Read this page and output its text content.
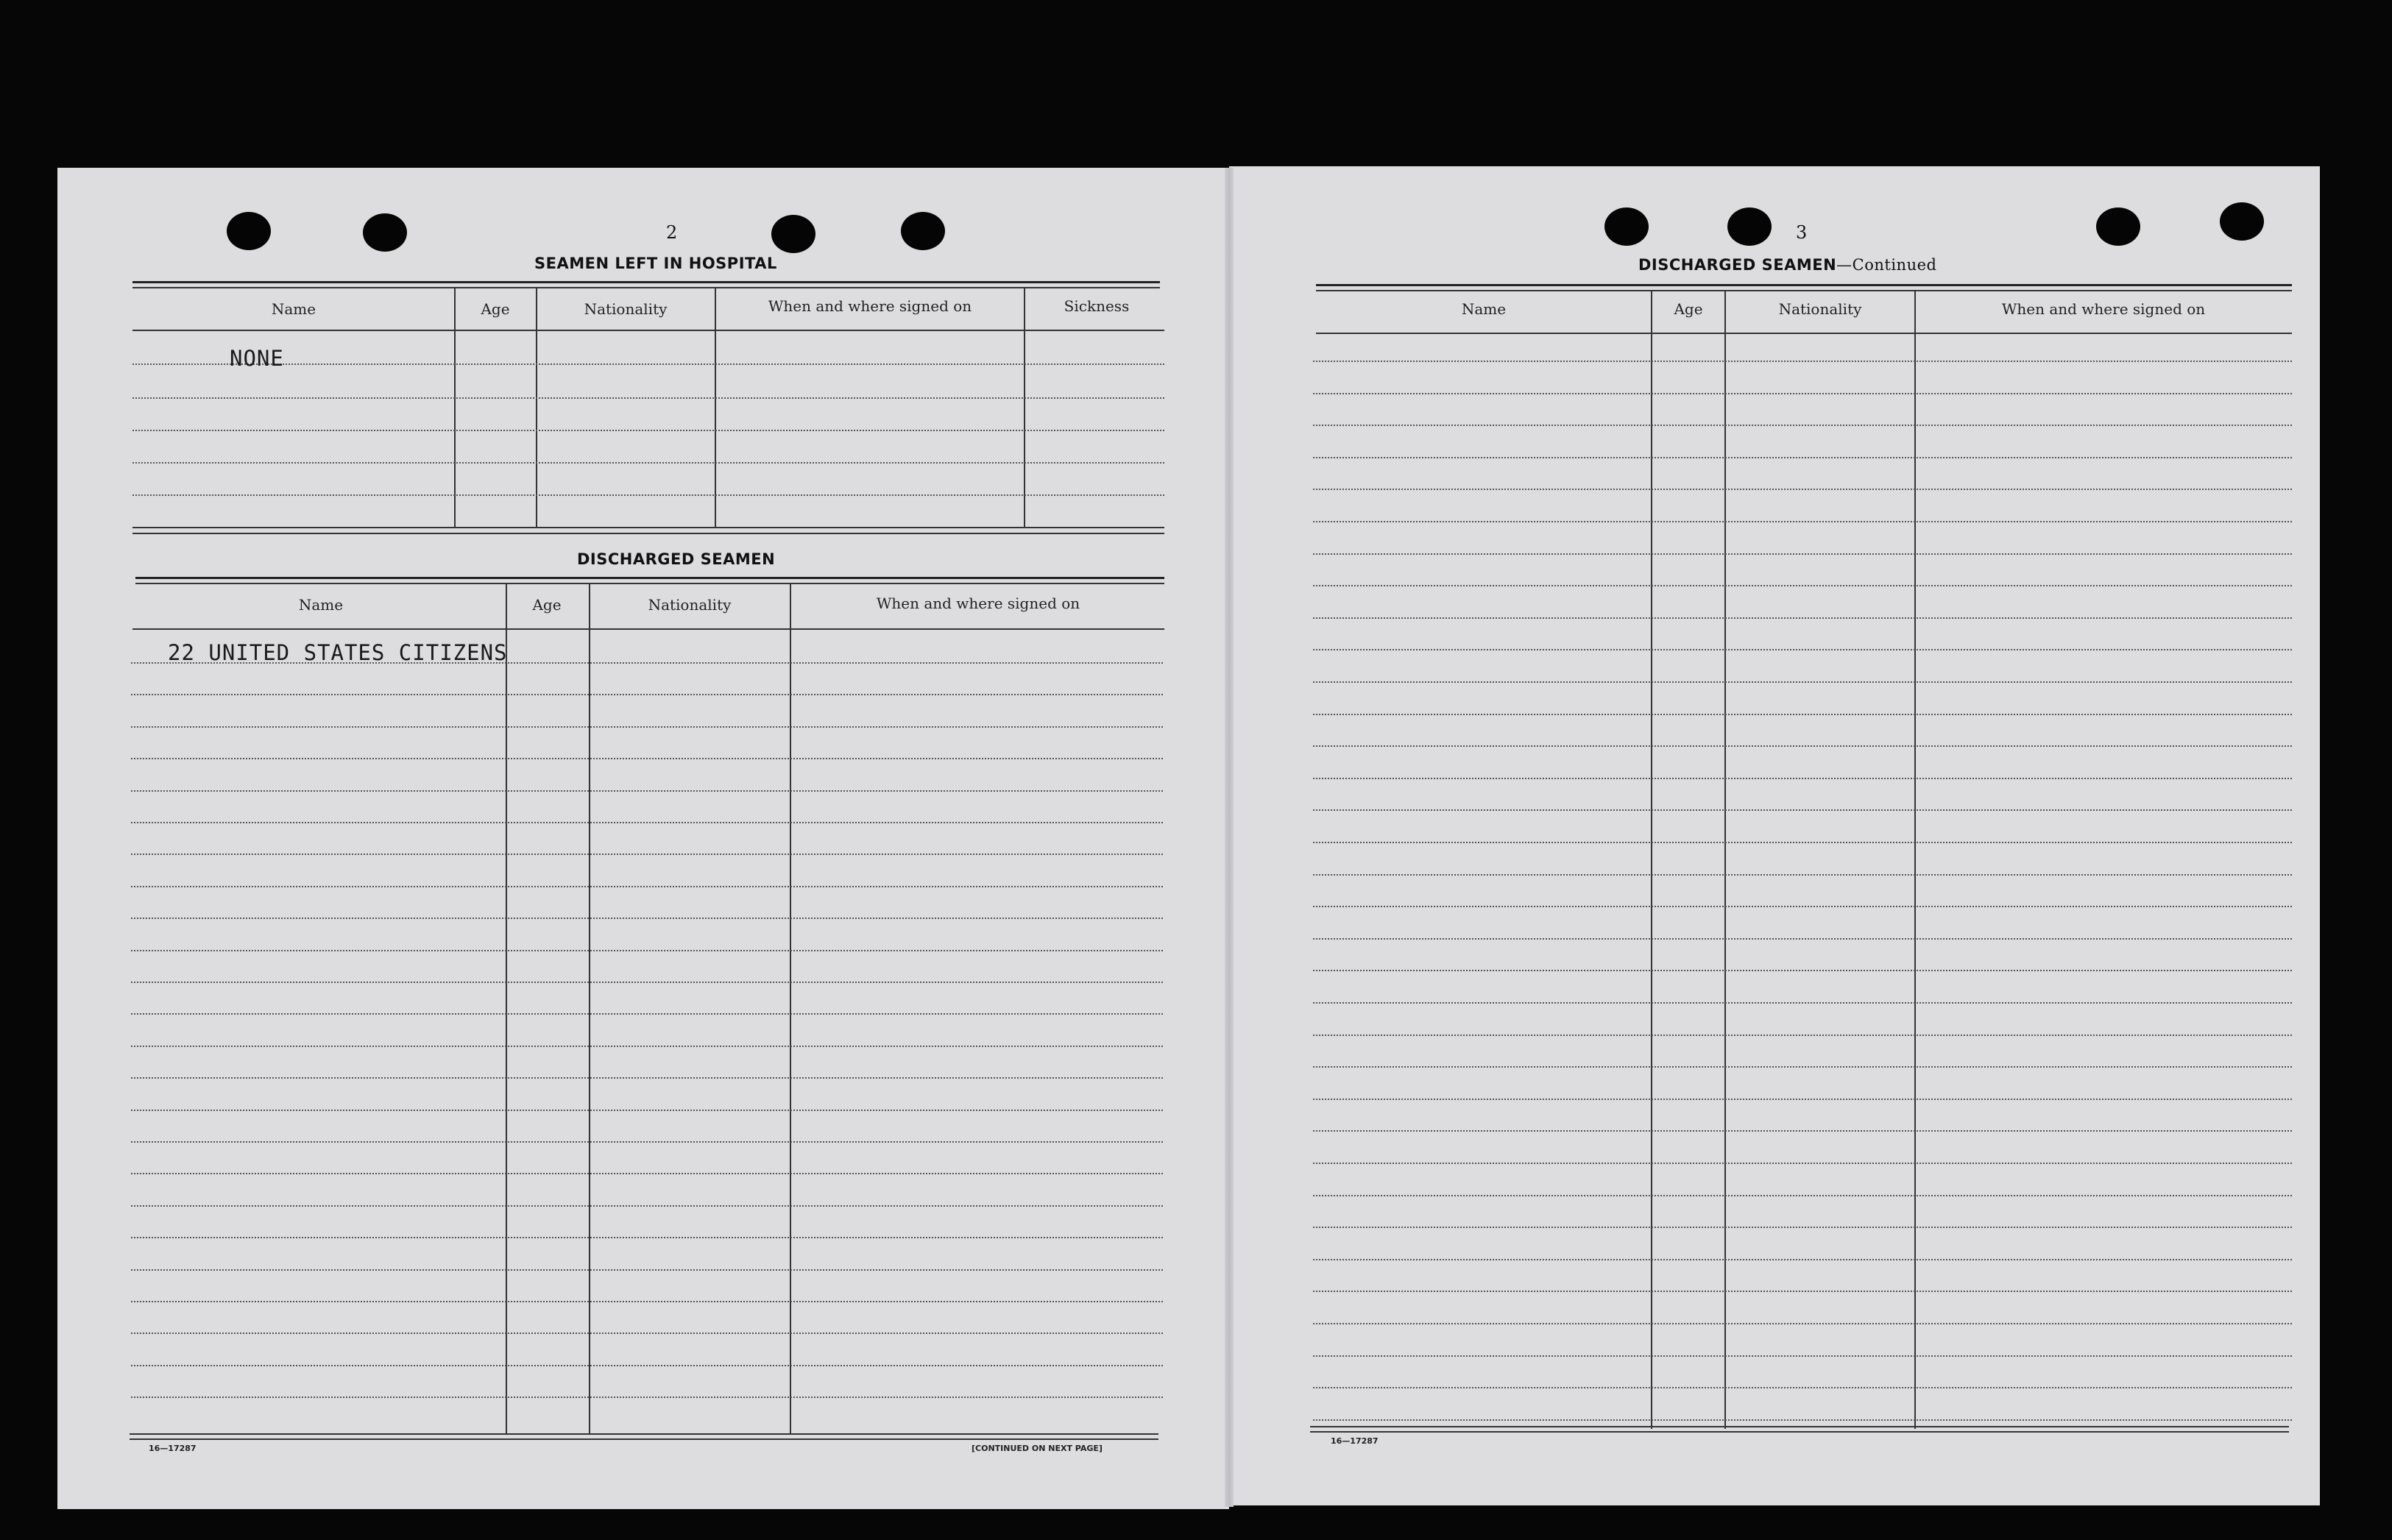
2
SEAMEN LEFT IN HOSPITAL
Name	Age	Nationality	When and where signed on	Sickness
NONE
DISCHARGED SEAMEN
Name	Age	Nationality	When and where signed on
22 UNITED STATES CITIZENS
16—17287	[CONTINUED ON NEXT PAGE]
3
DISCHARGED SEAMEN—Continued
Name	Age	Nationality	When and where signed on
16—17287
